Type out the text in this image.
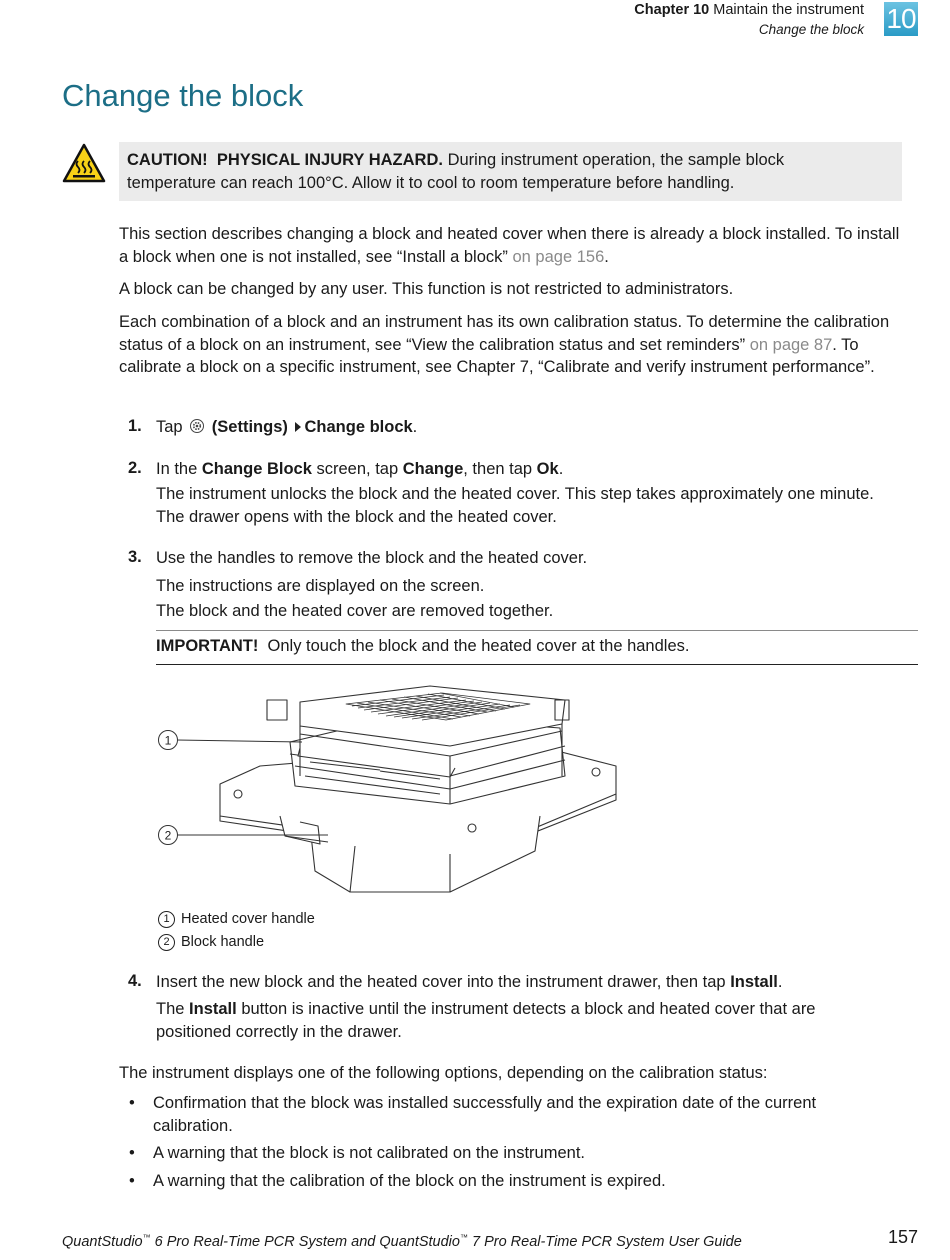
Chapter 10 Maintain the instrument
Change the block 10
Change the block
CAUTION! PHYSICAL INJURY HAZARD. During instrument operation, the sample block
temperature can reach 100°C. Allow it to cool to room temperature before handling.
This section describes changing a block and heated cover when there is already a block installed. To install a block when one is not installed, see “Install a block” on page 156.
A block can be changed by any user. This function is not restricted to administrators.
Each combination of a block and an instrument has its own calibration status. To determine the calibration status of a block on an instrument, see “View the calibration status and set reminders” on page 87. To calibrate a block on a specific instrument, see Chapter 7, “Calibrate and verify instrument performance”.
1. Tap (Settings) Change block.
2. In the Change Block screen, tap Change, then tap Ok.
The instrument unlocks the block and the heated cover. This step takes approximately one minute.
The drawer opens with the block and the heated cover.
3. Use the handles to remove the block and the heated cover.
The instructions are displayed on the screen.
The block and the heated cover are removed together.
IMPORTANT! Only touch the block and the heated cover at the handles.
1
2
1 Heated cover handle
2 Block handle
4. Insert the new block and the heated cover into the instrument drawer, then tap Install.
The Install button is inactive until the instrument detects a block and heated cover that are positioned correctly in the drawer.
The instrument displays one of the following options, depending on the calibration status:
• Confirmation that the block was installed successfully and the expiration date of the current calibration.
• A warning that the block is not calibrated on the instrument.
• A warning that the calibration of the block on the instrument is expired.
QuantStudio™ 6 Pro Real-Time PCR System and QuantStudio™ 7 Pro Real-Time PCR System User Guide	157
